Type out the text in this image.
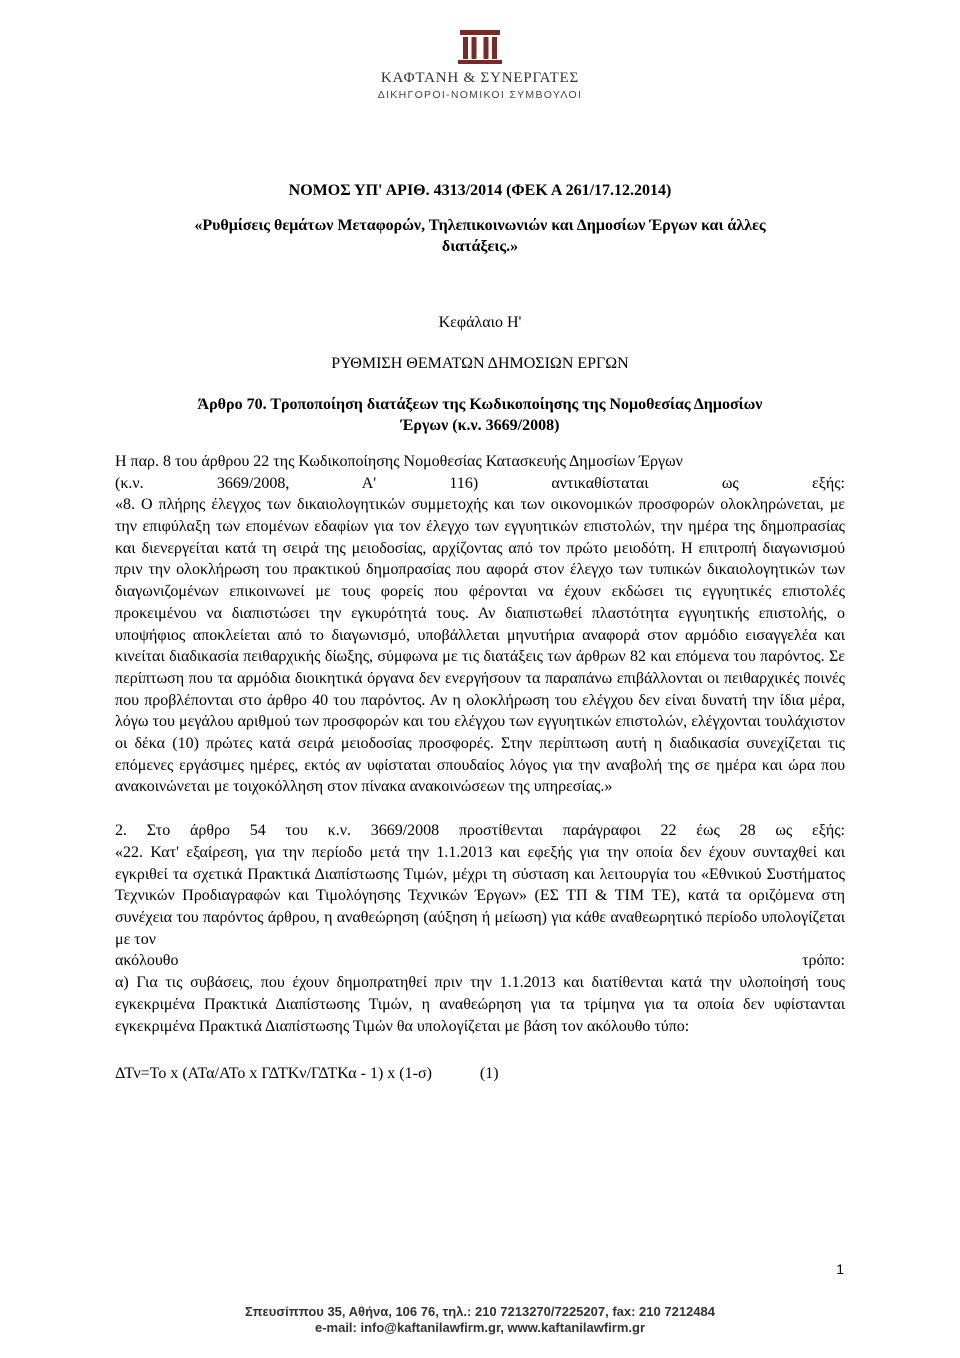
ΚΑΦΤΑΝΗ & ΣΥΝΕΡΓΑΤΕΣ
ΔΙΚΗΓΟΡΟΙ-ΝΟΜΙΚΟΙ ΣΥΜΒΟΥΛΟΙ
ΝΟΜΟΣ ΥΠ' ΑΡΙΘ. 4313/2014 (ΦΕΚ Α 261/17.12.2014)
«Ρυθμίσεις θεμάτων Μεταφορών, Τηλεπικοινωνιών και Δημοσίων Έργων και άλλες
διατάξεις.»
Κεφάλαιο Η'
ΡΥΘΜΙΣΗ ΘΕΜΑΤΩΝ ΔΗΜΟΣΙΩΝ ΕΡΓΩΝ
Άρθρο 70. Τροποποίηση διατάξεων της Κωδικοποίησης της Νομοθεσίας Δημοσίων
Έργων (κ.ν. 3669/2008)
Η παρ. 8 του άρθρου 22 της Κωδικοποίησης Νομοθεσίας Κατασκευής Δημοσίων Έργων
(κ.ν. 3669/2008, Α' 116) αντικαθίσταται ως εξής:
«8. Ο πλήρης έλεγχος των δικαιολογητικών συμμετοχής και των οικονομικών προσφορών ολοκληρώνεται, με την επιφύλαξη των επομένων εδαφίων για τον έλεγχο των εγγυητικών επιστολών, την ημέρα της δημοπρασίας και διενεργείται κατά τη σειρά της μειοδοσίας, αρχίζοντας από τον πρώτο μειοδότη. Η επιτροπή διαγωνισμού πριν την ολοκλήρωση του πρακτικού δημοπρασίας που αφορά στον έλεγχο των τυπικών δικαιολογητικών των διαγωνιζομένων επικοινωνεί με τους φορείς που φέρονται να έχουν εκδώσει τις εγγυητικές επιστολές προκειμένου να διαπιστώσει την εγκυρότητά τους. Αν διαπιστωθεί πλαστότητα εγγυητικής επιστολής, ο υποψήφιος αποκλείεται από το διαγωνισμό, υποβάλλεται μηνυτήρια αναφορά στον αρμόδιο εισαγγελέα και κινείται διαδικασία πειθαρχικής δίωξης, σύμφωνα με τις διατάξεις των άρθρων 82 και επόμενα του παρόντος. Σε περίπτωση που τα αρμόδια διοικητικά όργανα δεν ενεργήσουν τα παραπάνω επιβάλλονται οι πειθαρχικές ποινές που προβλέπονται στο άρθρο 40 του παρόντος. Αν η ολοκλήρωση του ελέγχου δεν είναι δυνατή την ίδια μέρα, λόγω του μεγάλου αριθμού των προσφορών και του ελέγχου των εγγυητικών επιστολών, ελέγχονται τουλάχιστον οι δέκα (10) πρώτες κατά σειρά μειοδοσίας προσφορές. Στην περίπτωση αυτή η διαδικασία συνεχίζεται τις επόμενες εργάσιμες ημέρες, εκτός αν υφίσταται σπουδαίος λόγος για την αναβολή της σε ημέρα και ώρα που ανακοινώνεται με τοιχοκόλληση στον πίνακα ανακοινώσεων της υπηρεσίας.»
2. Στο άρθρο 54 του κ.ν. 3669/2008 προστίθενται παράγραφοι 22 έως 28 ως εξής:
«22. Κατ' εξαίρεση, για την περίοδο μετά την 1.1.2013 και εφεξής για την οποία δεν έχουν συνταχθεί και εγκριθεί τα σχετικά Πρακτικά Διαπίστωσης Τιμών, μέχρι τη σύσταση και λειτουργία του «Εθνικού Συστήματος Τεχνικών Προδιαγραφών και Τιμολόγησης Τεχνικών Έργων» (ΕΣ ΤΠ & ΤΙΜ ΤΕ), κατά τα οριζόμενα στη συνέχεια του παρόντος άρθρου, η αναθεώρηση (αύξηση ή μείωση) για κάθε αναθεωρητικό περίοδο υπολογίζεται με τον
ακόλουθο	τρόπο:
α) Για τις συβάσεις, που έχουν δημοπρατηθεί πριν την 1.1.2013 και διατίθενται κατά την υλοποίησή τους εγκεκριμένα Πρακτικά Διαπίστωσης Τιμών, η αναθεώρηση για τα τρίμηνα για τα οποία δεν υφίστανται εγκεκριμένα Πρακτικά Διαπίστωσης Τιμών θα υπολογίζεται με βάση τον ακόλουθο τύπο:
ΔΤν=Το x (ΑΤα/ΑΤο x ΓΔΤΚν/ΓΔΤΚα - 1) x (1-σ)	(1)
1
Σπευσίππου 35, Αθήνα, 106 76, τηλ.: 210 7213270/7225207, fax: 210 7212484
e-mail: info@kaftanilawfirm.gr, www.kaftanilawfirm.gr
